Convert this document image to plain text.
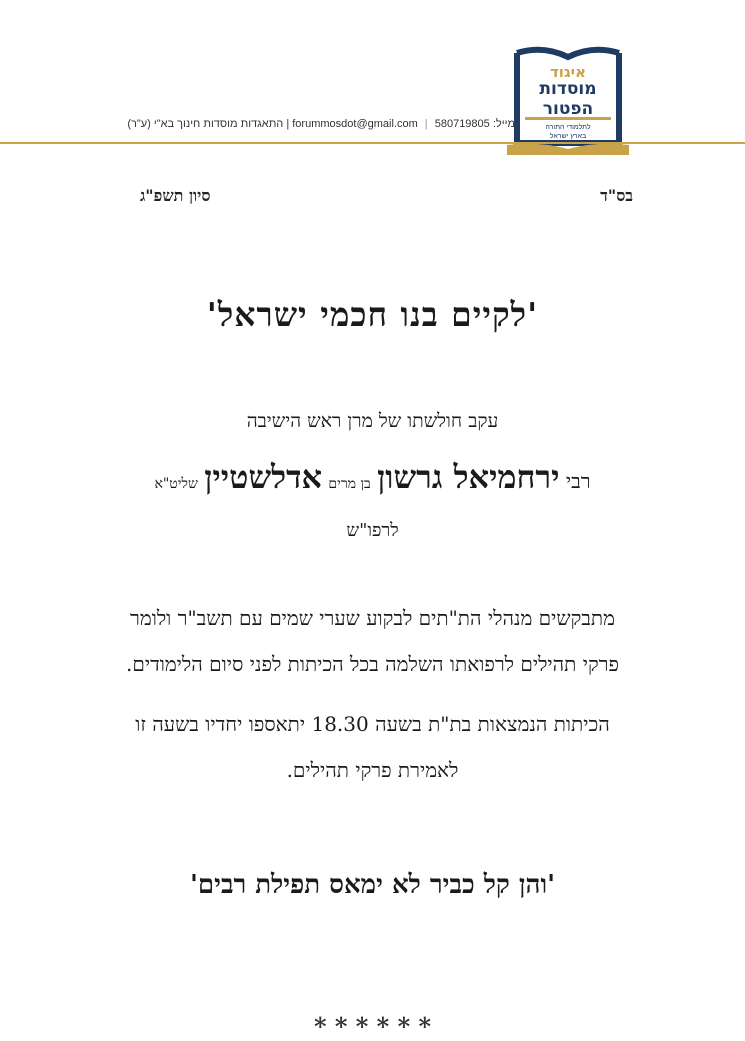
איגוד
מוסדות
הפטור
לתלמודי התורה
בארץ ישראל
מייל: forummosdot@gmail.com | 580719805 | התאגדות מוסדות חינוך בא"י (ע"ר)
בס"ד
סיון תשפ"ג
'לקיים בנו חכמי ישראל'
עקב חולשתו של מרן ראש הישיבה
רבי ירחמיאל גרשון בן מרים אדלשטיין שליט"א
לרפו"ש
מתבקשים מנהלי הת"תים לבקוע שערי שמים עם תשב"ר ולומר
פרקי תהילים לרפואתו השלמה בכל הכיתות לפני סיום הלימודים.
הכיתות הנמצאות בת"ת בשעה 18.30 יתאספו יחדיו בשעה זו
לאמירת פרקי תהילים.
'והן קל כביר לא ימאס תפילת רבים'
* * * * * *
